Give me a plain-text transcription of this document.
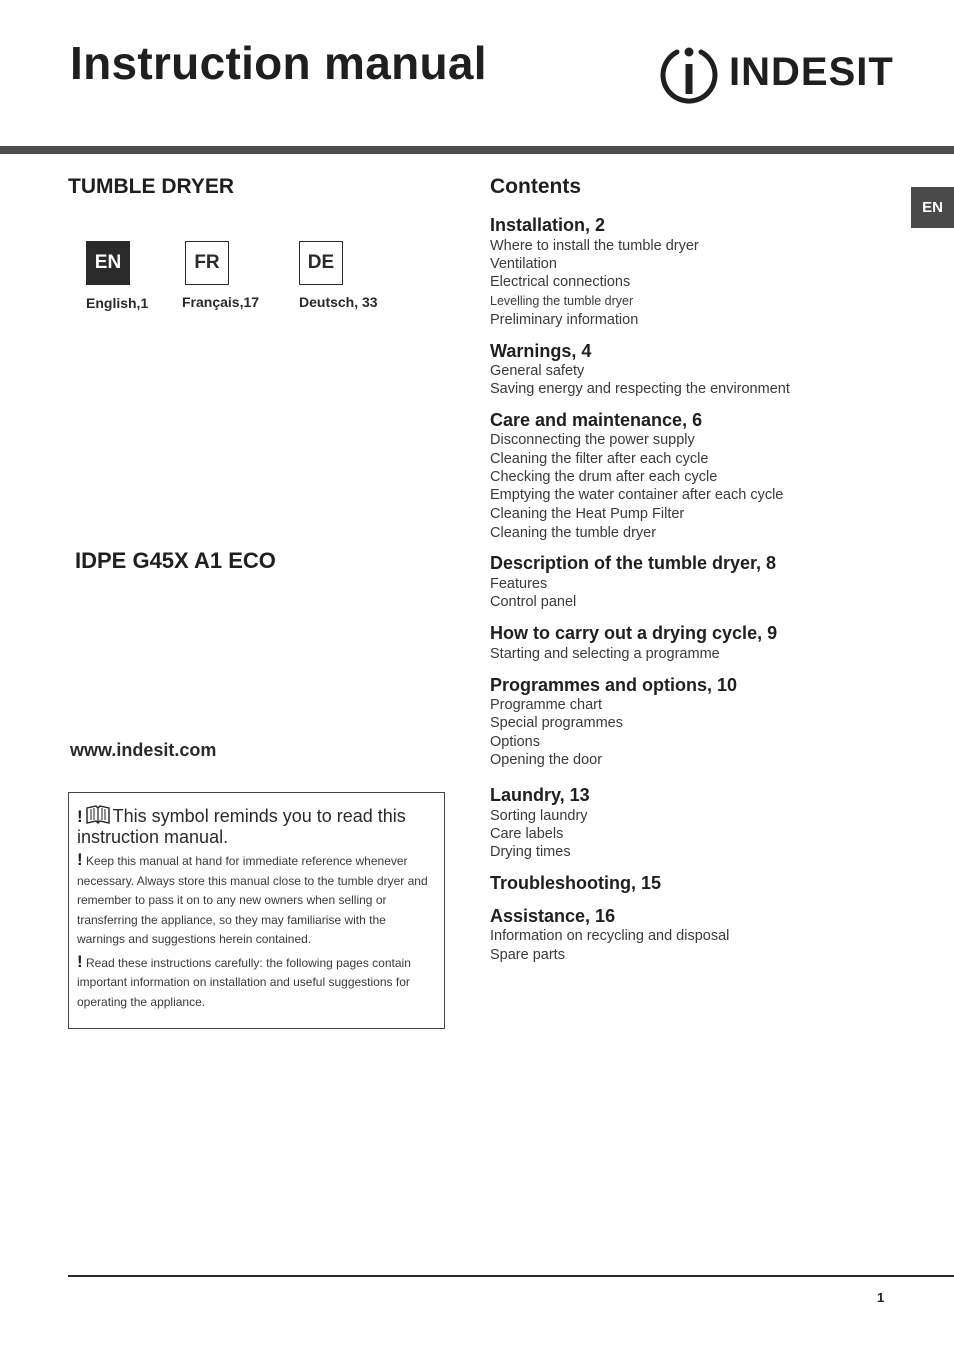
Instruction manual	INDESIT
TUMBLE DRYER
EN	FR	DE
English,1 Français,17	Deutsch, 33
IDPE G45X A1 ECO
www.indesit.com
! This symbol reminds you to read this instruction manual.

! Keep this manual at hand for immediate reference whenever necessary. Always store this manual close to the tumble dryer and remember to pass it on to any new owners when selling or transferring the appliance, so they may familiarise with the warnings and suggestions herein contained.

! Read these instructions carefully: the following pages contain important information on installation and useful suggestions for operating the appliance.

Contents
Installation, 2
Where to install the tumble dryer
Ventilation
Electrical connections
Levelling the tumble dryer
Preliminary information
Warnings, 4
General safety
Saving energy and respecting the environment
Care and maintenance, 6
Disconnecting the power supply
Cleaning the filter after each cycle
Checking the drum after each cycle
Emptying the water container after each cycle
Cleaning the Heat Pump Filter
Cleaning the tumble dryer
Description of the tumble dryer, 8
Features
Control panel
How to carry out a drying cycle, 9
Starting and selecting a programme
Programmes and options, 10
Programme chart
Special programmes
Options
Opening the door
Laundry, 13
Sorting laundry
Care labels
Drying times
Troubleshooting, 15
Assistance, 16
Information on recycling and disposal
Spare parts
EN
1
